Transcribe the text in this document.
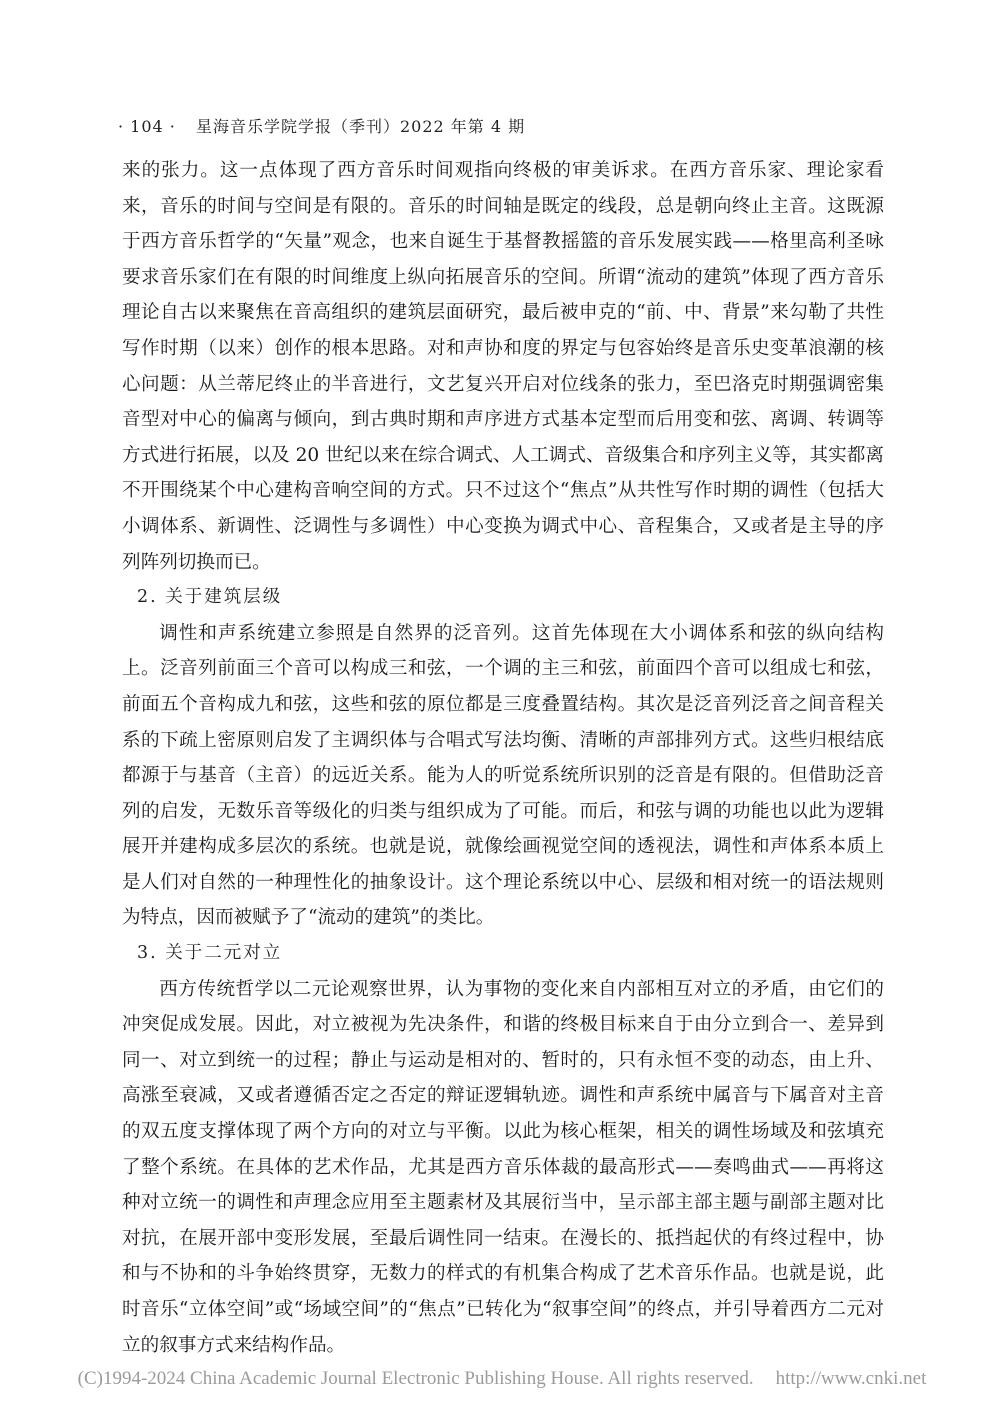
· 104 · 星海音乐学院学报（季刊）2022 年第 4 期

来的张力。这一点体现了西方音乐时间观指向终极的审美诉求。在西方音乐家、理论家看来，音乐的时间与空间是有限的。音乐的时间轴是既定的线段，总是朝向终止主音。这既源于西方音乐哲学的“矢量”观念，也来自诞生于基督教摇篮的音乐发展实践——格里高利圣咏要求音乐家们在有限的时间维度上纵向拓展音乐的空间。所谓“流动的建筑”体现了西方音乐理论自古以来聚焦在音高组织的建筑层面研究，最后被申克的“前、中、背景”来勾勒了共性写作时期（以来）创作的根本思路。对和声协和度的界定与包容始终是音乐史变革浪潮的核心问题：从兰蒂尼终止的半音进行，文艺复兴开启对位线条的张力，至巴洛克时期强调密集音型对中心的偏离与倾向，到古典时期和声序进方式基本定型而后用变和弦、离调、转调等方式进行拓展，以及 20 世纪以来在综合调式、人工调式、音级集合和序列主义等，其实都离不开围绕某个中心建构音响空间的方式。只不过这个“焦点”从共性写作时期的调性（包括大小调体系、新调性、泛调性与多调性）中心变换为调式中心、音程集合，又或者是主导的序列阵列切换而已。

2. 关于建筑层级

调性和声系统建立参照是自然界的泛音列。这首先体现在大小调体系和弦的纵向结构上。泛音列前面三个音可以构成三和弦，一个调的主三和弦，前面四个音可以组成七和弦，前面五个音构成九和弦，这些和弦的原位都是三度叠置结构。其次是泛音列泛音之间音程关系的下疏上密原则启发了主调织体与合唱式写法均衡、清晰的声部排列方式。这些归根结底都源于与基音（主音）的远近关系。能为人的听觉系统所识别的泛音是有限的。但借助泛音列的启发，无数乐音等级化的归类与组织成为了可能。而后，和弦与调的功能也以此为逻辑展开并建构成多层次的系统。也就是说，就像绘画视觉空间的透视法，调性和声体系本质上是人们对自然的一种理性化的抽象设计。这个理论系统以中心、层级和相对统一的语法规则为特点，因而被赋予了“流动的建筑”的类比。

3. 关于二元对立

西方传统哲学以二元论观察世界，认为事物的变化来自内部相互对立的矛盾，由它们的冲突促成发展。因此，对立被视为先决条件，和谐的终极目标来自于由分立到合一、差异到同一、对立到统一的过程；静止与运动是相对的、暂时的，只有永恒不变的动态，由上升、高涨至衰减，又或者遵循否定之否定的辩证逻辑轨迹。调性和声系统中属音与下属音对主音的双五度支撑体现了两个方向的对立与平衡。以此为核心框架，相关的调性场域及和弦填充了整个系统。在具体的艺术作品，尤其是西方音乐体裁的最高形式——奏鸣曲式——再将这种对立统一的调性和声理念应用至主题素材及其展衍当中，呈示部主部主题与副部主题对比对抗，在展开部中变形发展，至最后调性同一结束。在漫长的、抵挡起伏的有终过程中，协和与不协和的斗争始终贯穿，无数力的样式的有机集合构成了艺术音乐作品。也就是说，此时音乐“立体空间”或“场域空间”的“焦点”已转化为“叙事空间”的终点，并引导着西方二元对立的叙事方式来结构作品。

(C)1994-2024 China Academic Journal Electronic Publishing House. All rights reserved. http://www.cnki.net
